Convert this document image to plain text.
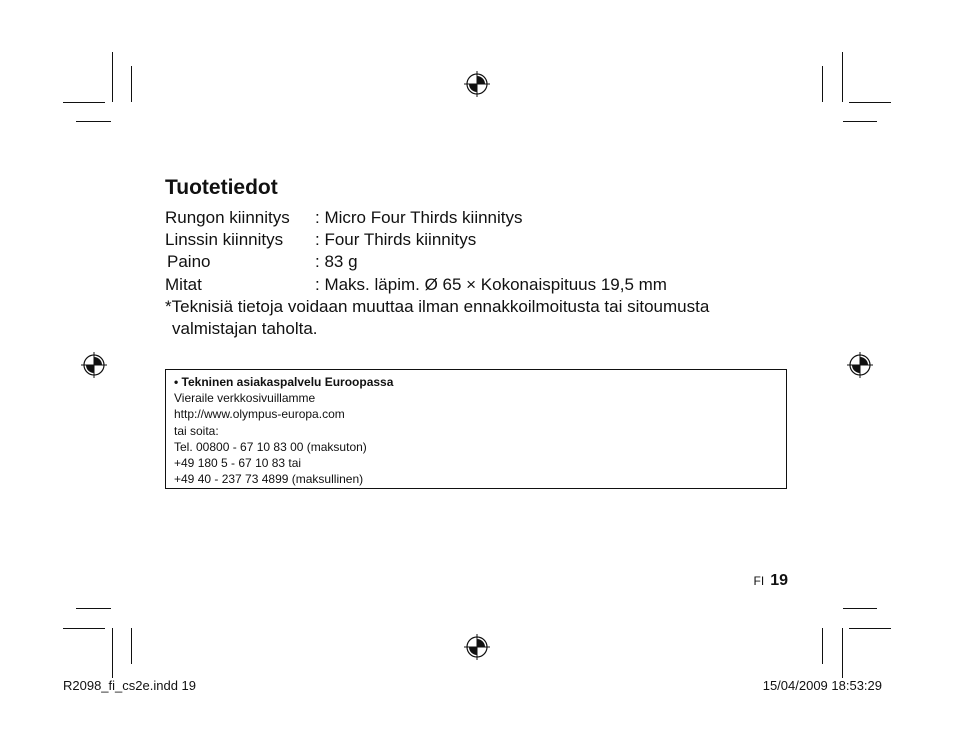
Tuotetiedot
Rungon kiinnitys : Micro Four Thirds kiinnitys
Linssin kiinnitys : Four Thirds kiinnitys
Paino	: 83 g
Mitat	: Maks. läpim. Ø 65 × Kokonaispituus 19,5 mm
*Teknisiä tietoja voidaan muuttaa ilman ennakkoilmoitusta tai sitoumusta
valmistajan taholta.
• Tekninen asiakaspalvelu Euroopassa
Vieraile verkkosivuillamme
http://www.olympus-europa.com
tai soita:
Tel. 00800 - 67 10 83 00 (maksuton)
+49 180 5 - 67 10 83 tai
+49 40 - 237 73 4899 (maksullinen)
FI 19
R2098_fi_cs2e.indd 19	15/04/2009 18:53:29
